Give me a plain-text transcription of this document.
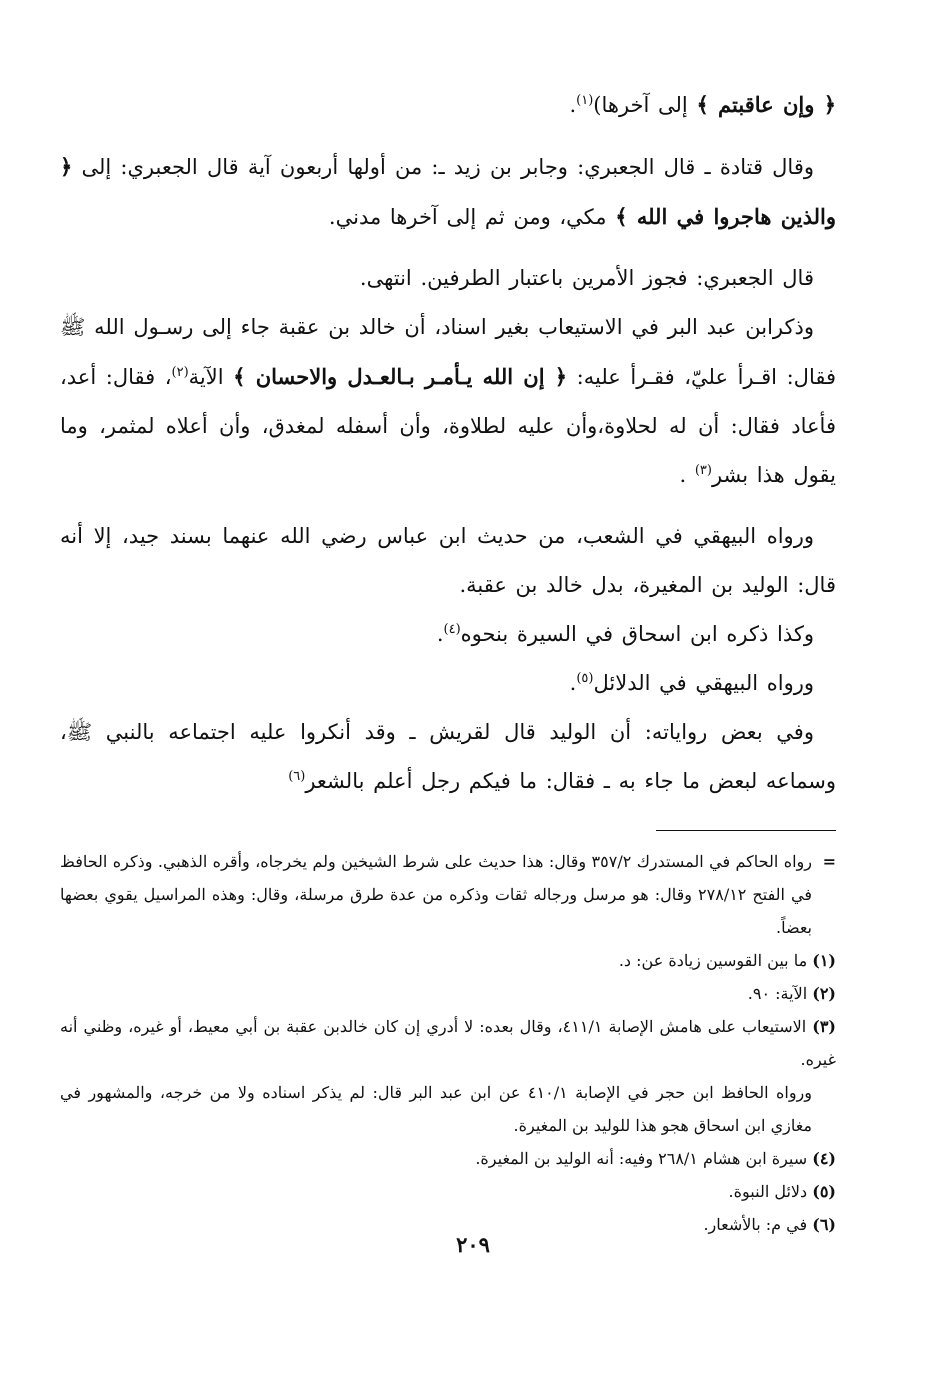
﴿ وإن عاقبتم ﴾ إلى آخرها)$^{(١)}$.

وقال قتادة ـ قال الجعبري: وجابر بن زيد ـ: من أولها أربعون آية قال الجعبري: إلى ﴿ والذين هاجروا في الله ﴾ مكي، ومن ثم إلى آخرها مدني.

قال الجعبري: فجوز الأمرين باعتبار الطرفين. انتهى.

وذكرابن عبد البر في الاستيعاب بغير اسناد، أن خالد بن عقبة جاء إلى رسـول الله ﷺ فقال: اقـرأ عليّ، فقـرأ عليه: ﴿ إن الله يـأمـر بـالعـدل والاحسان ﴾ الآية$^{(٢)}$، فقال: أعد، فأعاد فقال: أن له لحلاوة،وأن عليه لطلاوة، وأن أسفله لمغدق، وأن أعلاه لمثمر، وما يقول هذا بشر$^{(٣)}$ .

ورواه البيهقي في الشعب، من حديث ابن عباس رضي الله عنهما بسند جيد، إلا أنه قال: الوليد بن المغيرة، بدل خالد بن عقبة.

وكذا ذكره ابن اسحاق في السيرة بنحوه$^{(٤)}$.

ورواه البيهقي في الدلائل$^{(٥)}$.

وفي بعض رواياته: أن الوليد قال لقريش ـ وقد أنكروا عليه اجتماعه بالنبي ﷺ، وسماعه لبعض ما جاء به ـ فقال: ما فيكم رجل أعلم بالشعر$^{(٦)}$

=
رواه الحاكم في المستدرك ٣٥٧/٢ وقال: هذا حديث على شرط الشيخين ولم يخرجاه، وأقره الذهبي. وذكره الحافظ في الفتح ٢٧٨/١٢ وقال: هو مرسل ورجاله ثقات وذكره من عدة طرق مرسلة، وقال: وهذه المراسيل يقوي بعضها بعضاً.

(١) ما بين القوسين زيادة عن: د.

(٢) الآية: ٩٠.

(٣) الاستيعاب على هامش الإصابة ٤١١/١، وقال بعده: لا أدري إن كان خالدبن عقبة بن أبي معيط، أو غيره، وظني أنه غيره.

ورواه الحافظ ابن حجر في الإصابة ٤١٠/١ عن ابن عبد البر قال: لم يذكر اسناده ولا من خرجه، والمشهور في مغازي ابن اسحاق هجو هذا للوليد بن المغيرة.

(٤) سيرة ابن هشام ٢٦٨/١ وفيه: أنه الوليد بن المغيرة.

(٥) دلائل النبوة.

(٦) في م: بالأشعار.

٢٠٩
